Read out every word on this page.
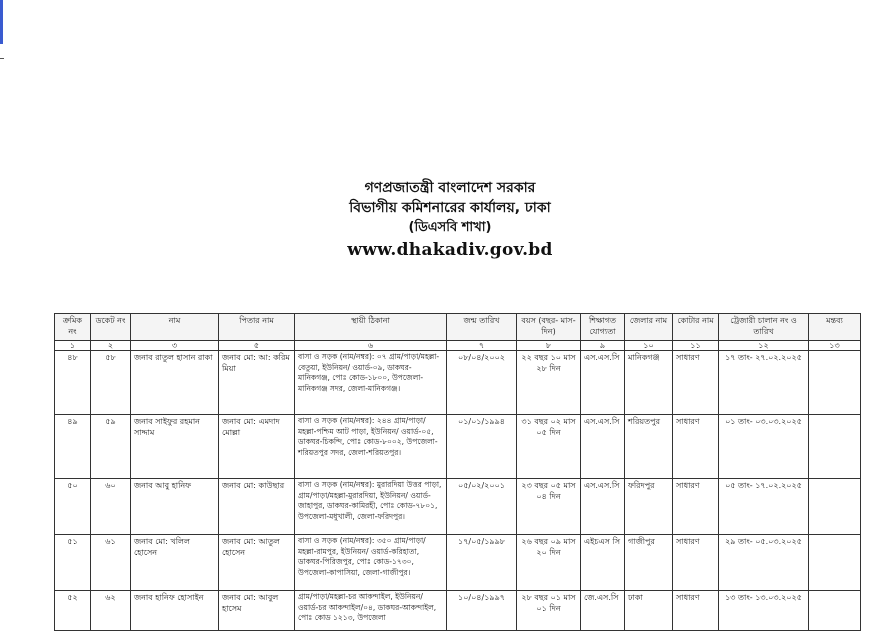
গণপ্রজাতন্ত্রী বাংলাদেশ সরকার
বিভাগীয় কমিশনারের কার্যালয়, ঢাকা
(ডিএসবি শাখা)
www.dhakadiv.gov.bd
ক্রমিক নং	ডকেট নং	নাম	পিতার নাম	স্থায়ী ঠিকানা	জন্ম তারিখ	বয়স (বছর- মাস- দিন)	শিক্ষাগত যোগ্যতা	জেলার নাম	কোটার নাম	ট্রেজারী চালান নং ও তারিখ	মন্তব্য
১	২	৩	৫	৬	৭	৮	৯	১০	১১	১২	১৩
৪৮	৫৮	জনাব রাতুল হাসান রাকা	জনাব মো: আ: করিম মিয়া	বাসা ও সড়ক (নাম/নম্বর): ০৭ গ্রাম/পাড়া/মহল্লা-বেতুয়া, ইউনিয়ন/ ওয়ার্ড-০৯, ডাকঘর-মানিকগঞ্জ, পোঃ কোড-১৮০০, উপজেলা-মানিকগঞ্জ সদর, জেলা-মানিকগঞ্জ।	০৮/০৪/২০০২	২২ বছর ১০ মাস ২৮ দিন	এস.এস.সি	মানিকগঞ্জ	সাধারণ	১৭ তাং- ২৭.০২.২০২৫	
৪৯	৫৯	জনাব সাইফুর রহমান সাদ্দাম	জনাব মো: এমদাদ মোল্লা	বাসা ও সড়ক (নাম/নম্বর): ২৪৪ গ্রাম/পাড়া/মহল্লা-পশ্চিম আট পাড়া, ইউনিয়ন/ ওয়ার্ড-০৫, ডাকঘর-চিকন্দি, পোঃ কোড-৮০০২, উপজেলা-শরিয়তপুর সদর, জেলা-শরিয়তপুর।	০১/০১/১৯৯৪	৩১ বছর ০২ মাস ০৫ দিন	এস.এস.সি	শরিয়তপুর	সাধারণ	০১ তাং- ০৩.০৩.২০২৫	
৫০	৬০	জনাব আবু হানিফ	জনাব মো: কাউছার	বাসা ও সড়ক (নাম/নম্বর): মুরারদিয়া উত্তর পাড়া, গ্রাম/পাড়া/মহল্লা-মুরারদিয়া, ইউনিয়ন/ ওয়ার্ড-জাহাপুর, ডাকঘর-কামিরহী, পোঃ কোড-৭৮০১, উপজেলা-মধুখালী, জেলা-ফরিদপুর।	০৫/০২/২০০১	২৩ বছর ০৫ মাস ০৪ দিন	এস.এস.সি	ফরিদপুর	সাধারণ	০৫ তাং- ১৭.০২.২০২৫	
৫১	৬১	জনাব মো: খলিল হোসেন	জনাব মো: আতুল হোসেন	বাসা ও সড়ক (নাম/নম্বর): ৩৫০ গ্রাম/পাড়া/মহল্লা-রামপুর, ইউনিয়ন/ ওয়ার্ড-করিহাতা, ডাকঘর-পিরিজপুর, পোঃ কোড-১৭৩০, উপজেলা-কাপাসিয়া, জেলা-গাজীপুর।	১৭/০৫/১৯৯৮	২৬ বছর ০৯ মাস ২০ দিন	এইচএস সি	গাজীপুর	সাধারণ	২৯ তাং- ০৫.০৩.২০২৫	
৫২	৬২	জনাব হানিফ হোসাইন	জনাব মো: আবুল হাসেম	গ্রাম/পাড়া/মহল্লা-চর আকন্দাইল, ইউনিয়ন/ ওয়ার্ড-চর আকন্দাইল/০৪, ডাকঘর-আকন্দাইল, পোঃ কোড ১২১৩, উপজেলা	১০/০৪/১৯৯৭	২৮ বছর ০১ মাস ০১ দিন	জে.এস.সি	ঢাকা	সাধারণ	১৩ তাং- ১৩.০৩.২০২৫	
